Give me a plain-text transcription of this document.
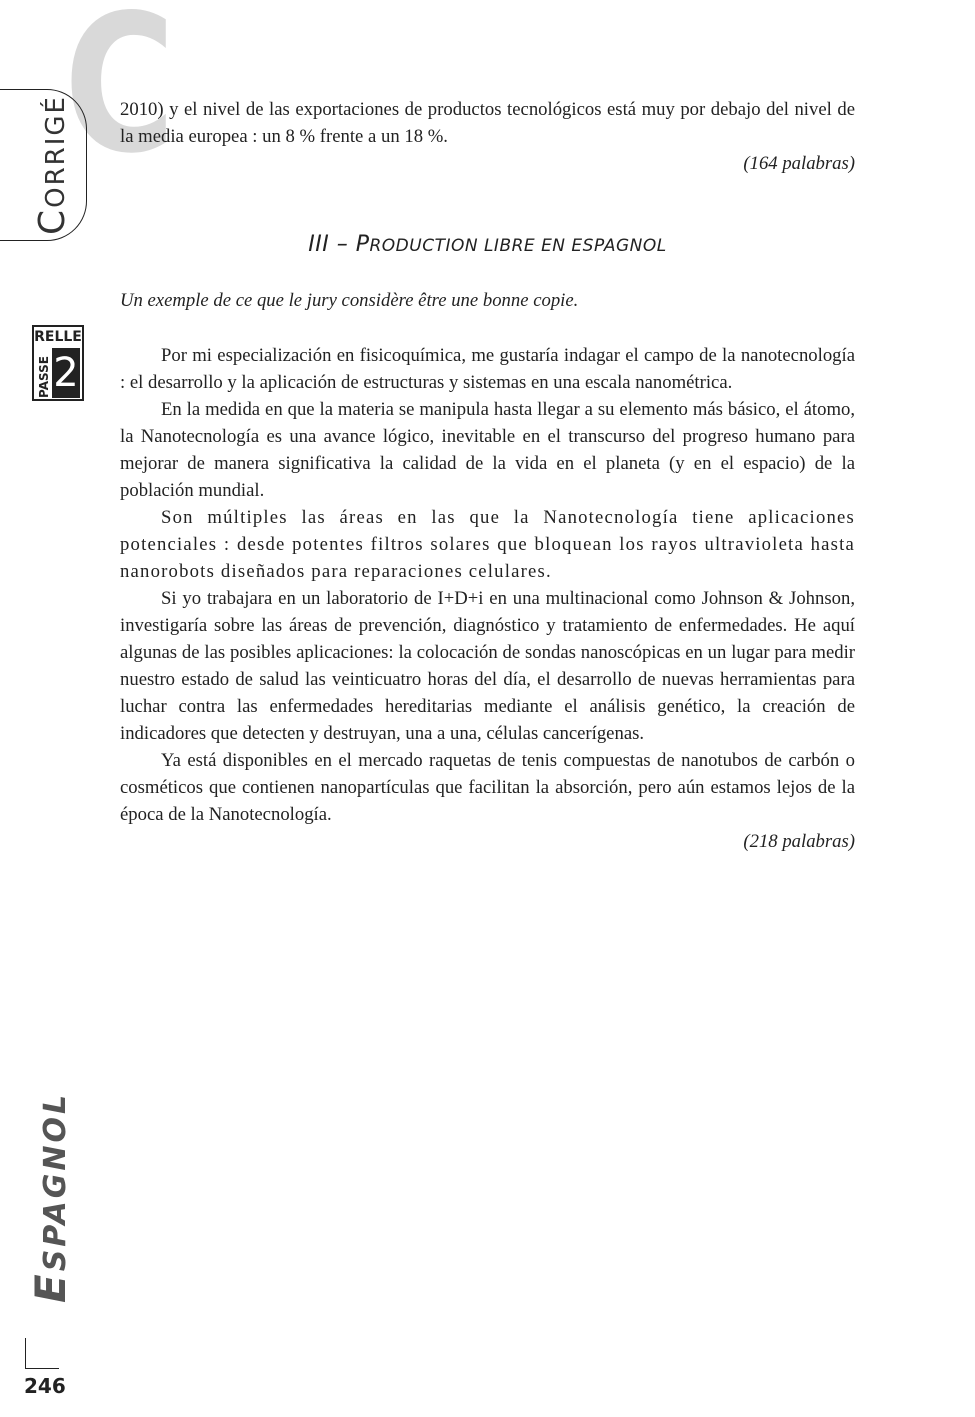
C
CORRIGÉ
RELLE
PASSE 2
ESPAGNOL
246

2010) y el nivel de las exportaciones de productos tecnológicos está muy por debajo del nivel de la media europea : un 8 % frente a un 18 %.

(164 palabras)
III – PRODUCTION LIBRE EN ESPAGNOL
Un exemple de ce que le jury considère être une bonne copie.

Por mi especialización en fisicoquímica, me gustaría indagar el campo de la nanotecnología : el desarrollo y la aplicación de estructuras y sistemas en una escala nanométrica.

En la medida en que la materia se manipula hasta llegar a su elemento más básico, el átomo, la Nanotecnología es una avance lógico, inevitable en el transcurso del progreso humano para mejorar de manera significativa la calidad de la vida en el planeta (y en el espacio) de la población mundial.

Son múltiples las áreas en las que la Nanotecnología tiene aplicaciones potenciales : desde potentes filtros solares que bloquean los rayos ultravioleta hasta nanorobots diseñados para reparaciones celulares.

Si yo trabajara en un laboratorio de I+D+i en una multinacional como Johnson & Johnson, investigaría sobre las áreas de prevención, diagnóstico y tratamiento de enfermedades. He aquí algunas de las posibles aplicaciones: la colocación de sondas nanoscópicas en un lugar para medir nuestro estado de salud las veinticuatro horas del día, el desarrollo de nuevas herramientas para luchar contra las enfermedades hereditarias mediante el análisis genético, la creación de indicadores que detecten y destruyan, una a una, células cancerígenas.

Ya está disponibles en el mercado raquetas de tenis compuestas de nanotubos de carbón o cosméticos que contienen nanopartículas que facilitan la absorción, pero aún estamos lejos de la época de la Nanotecnología.

(218 palabras)
